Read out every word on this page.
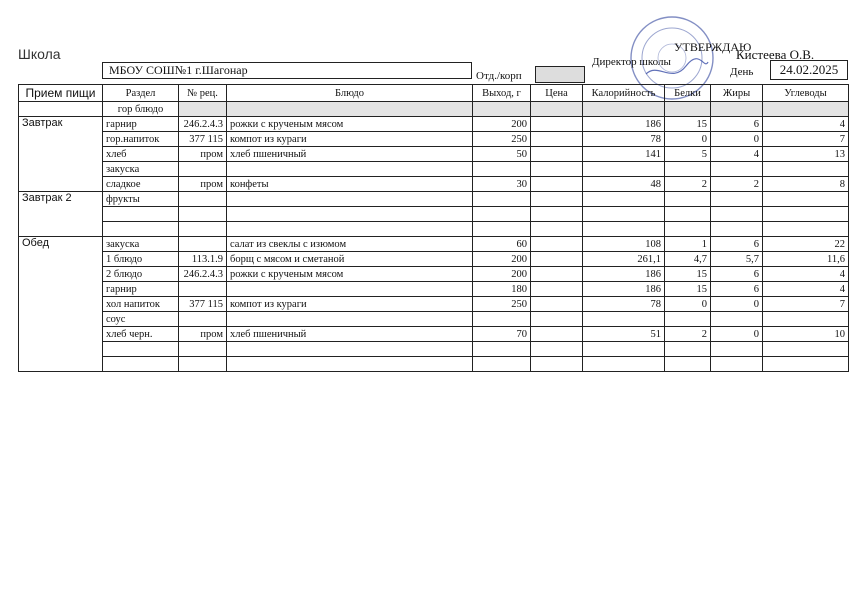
Школа
МБОУ СОШ№1 г.Шагонар	Отд./корп
УТВЕРЖДАЮ
Директор школы	Кистеева О.В.
День	24.02.2025
Прием пищи	Раздел	№ рец.	Блюдо	Выход, г	Цена	Калорийность	Белки	Жиры	Углеводы
	гор блюдо								
Завтрак	гарнир	246.2.4.3	рожки с крученым мясом	200		186	15	6	4
	гор.напиток	377 115	компот из кураги	250		78	0	0	7
	хлеб	пром	хлеб пшеничный	50		141	5	4	13
	закуска								
	сладкое	пром	конфеты	30		48	2	2	8
Завтрак 2	фрукты								

Обед	закуска		салат из свеклы с изюмом	60		108	1	6	22
	1 блюдо	113.1.9	борщ с мясом и сметаной	200		261,1	4,7	5,7	11,6
	2 блюдо	246.2.4.3	рожки с крученым мясом	200		186	15	6	4
	гарнир			180		186	15	6	4
	хол напиток	377 115	компот из кураги	250		78	0	0	7
	соус								
	хлеб черн.	пром	хлеб пшеничный	70		51	2	0	10
